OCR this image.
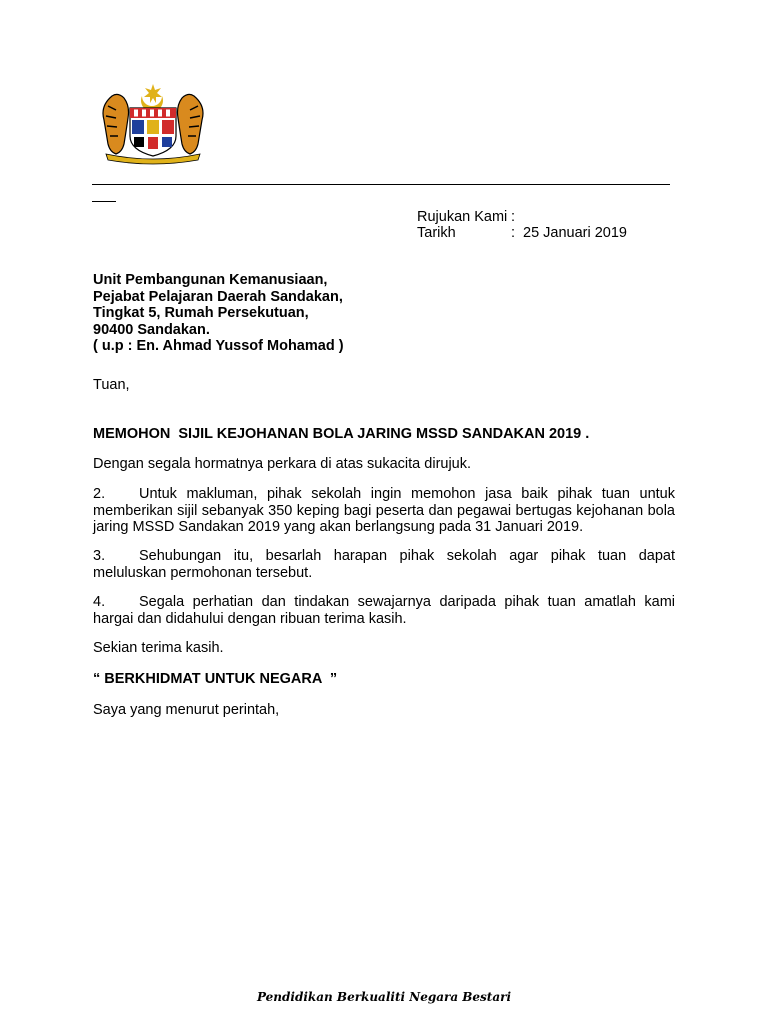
Rujukan Kami :
Tarikh	: 25 Januari 2019
Unit Pembangunan Kemanusiaan,
Pejabat Pelajaran Daerah Sandakan,
Tingkat 5, Rumah Persekutuan,
90400 Sandakan.
( u.p : En. Ahmad Yussof Mohamad )
Tuan,
MEMOHON  SIJIL KEJOHANAN BOLA JARING MSSD SANDAKAN 2019 .
Dengan segala hormatnya perkara di atas sukacita dirujuk.
2. Untuk makluman, pihak sekolah ingin memohon jasa baik pihak tuan untuk memberikan sijil sebanyak 350 keping bagi peserta dan pegawai bertugas kejohanan bola jaring MSSD Sandakan 2019 yang akan berlangsung pada 31 Januari 2019.
3. Sehubungan itu, besarlah harapan pihak sekolah agar pihak tuan dapat meluluskan permohonan tersebut.
4. Segala perhatian dan tindakan sewajarnya daripada pihak tuan amatlah kami hargai dan didahului dengan ribuan terima kasih.
Sekian terima kasih.
“ BERKHIDMAT UNTUK NEGARA  ”
Saya yang menurut perintah,
Pendidikan Berkualiti Negara Bestari
